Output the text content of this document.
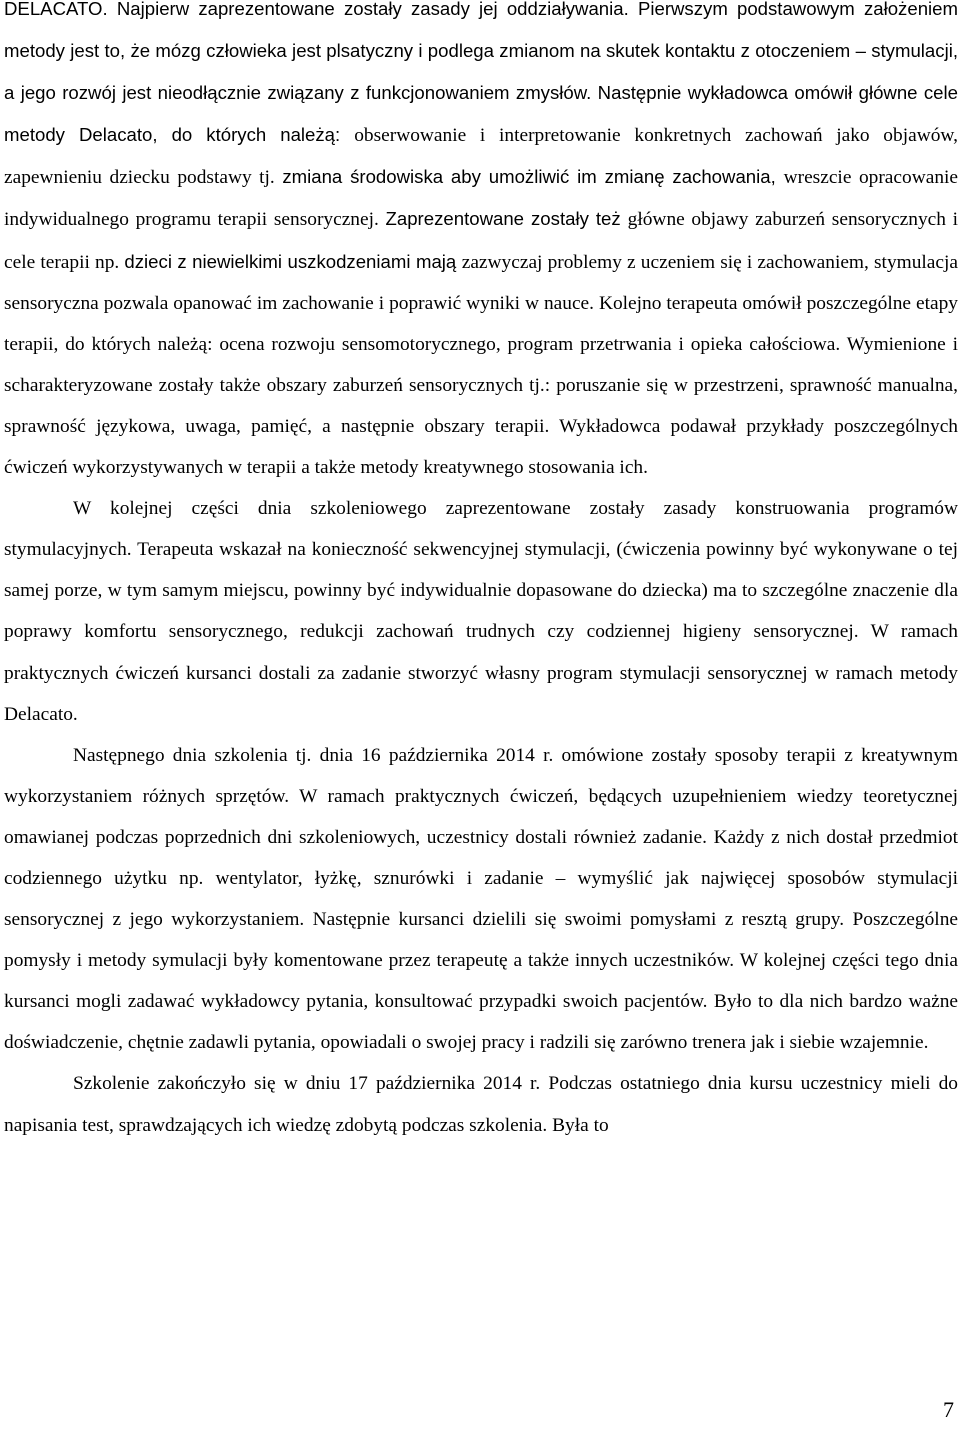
DELACATO. Najpierw zaprezentowane zostały zasady jej oddziaływania. Pierwszym podstawowym założeniem metody jest to, że mózg człowieka jest plsatyczny i podlega zmianom na skutek kontaktu z otoczeniem – stymulacji, a jego rozwój jest nieodłącznie związany z funkcjonowaniem zmysłów. Następnie wykładowca omówił główne cele metody Delacato, do których należą: obserwowanie i interpretowanie konkretnych zachowań jako objawów, zapewnieniu dziecku podstawy tj. zmiana środowiska aby umożliwić im zmianę zachowania, wreszcie opracowanie indywidualnego programu terapii sensorycznej. Zaprezentowane zostały też główne objawy zaburzeń sensorycznych i cele terapii np. dzieci z niewielkimi uszkodzeniami mają zazwyczaj problemy z uczeniem się i zachowaniem, stymulacja sensoryczna pozwala opanować im zachowanie i poprawić wyniki w nauce. Kolejno terapeuta omówił poszczególne etapy terapii, do których należą: ocena rozwoju sensomotorycznego, program przetrwania i opieka całościowa. Wymienione i scharakteryzowane zostały także obszary zaburzeń sensorycznych tj.: poruszanie się w przestrzeni, sprawność manualna, sprawność językowa, uwaga, pamięć, a następnie obszary terapii. Wykładowca podawał przykłady poszczególnych ćwiczeń wykorzystywanych w terapii a także metody kreatywnego stosowania ich.

W kolejnej części dnia szkoleniowego zaprezentowane zostały zasady konstruowania programów stymulacyjnych. Terapeuta wskazał na konieczność sekwencyjnej stymulacji, (ćwiczenia powinny być wykonywane o tej samej porze, w tym samym miejscu, powinny być indywidualnie dopasowane do dziecka) ma to szczególne znaczenie dla poprawy komfortu sensorycznego, redukcji zachowań trudnych czy codziennej higieny sensorycznej. W ramach praktycznych ćwiczeń kursanci dostali za zadanie stworzyć własny program stymulacji sensorycznej w ramach metody Delacato.

Następnego dnia szkolenia tj. dnia 16 października 2014 r. omówione zostały sposoby terapii z kreatywnym wykorzystaniem różnych sprzętów. W ramach praktycznych ćwiczeń, będących uzupełnieniem wiedzy teoretycznej omawianej podczas poprzednich dni szkoleniowych, uczestnicy dostali również zadanie. Każdy z nich dostał przedmiot codziennego użytku np. wentylator, łyżkę, sznurówki i zadanie – wymyślić jak najwięcej sposobów stymulacji sensorycznej z jego wykorzystaniem. Następnie kursanci dzielili się swoimi pomysłami z resztą grupy. Poszczególne pomysły i metody symulacji były komentowane przez terapeutę a także innych uczestników. W kolejnej części tego dnia kursanci mogli zadawać wykładowcy pytania, konsultować przypadki swoich pacjentów. Było to dla nich bardzo ważne doświadczenie, chętnie zadawli pytania, opowiadali o swojej pracy i radzili się zarówno trenera jak i siebie wzajemnie.

Szkolenie zakończyło się w dniu 17 października 2014 r. Podczas ostatniego dnia kursu uczestnicy mieli do napisania test, sprawdzających ich wiedzę zdobytą podczas szkolenia. Była to

7
